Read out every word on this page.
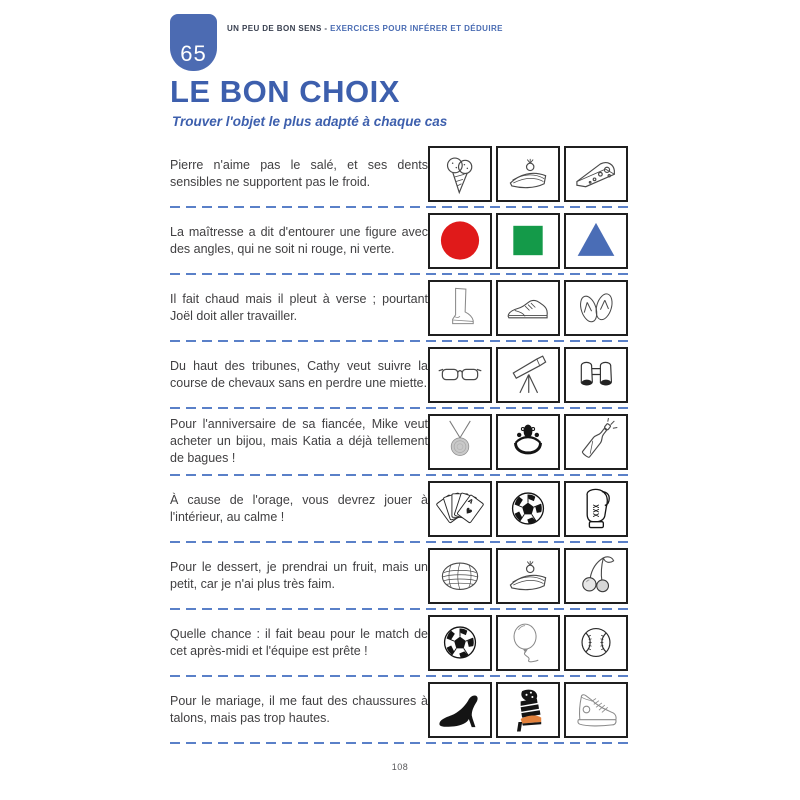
65
UN PEU DE BON SENS - EXERCICES POUR INFÉRER ET DÉDUIRE
LE BON CHOIX
Trouver l'objet le plus adapté à chaque cas
Pierre n'aime pas le salé, et ses dents sensibles ne supportent pas le froid.
La maîtresse a dit d'entourer une figure avec des angles, qui ne soit ni rouge, ni verte.
Il fait chaud mais il pleut à verse ; pourtant Joël doit aller travailler.
Du haut des tribunes, Cathy veut suivre la course de chevaux sans en perdre une miette.
Pour l'anniversaire de sa fiancée, Mike veut acheter un bijou, mais Katia a déjà tellement de bagues !
À cause de l'orage, vous devrez jouer à l'intérieur, au calme !
A
♥
Pour le dessert, je prendrai un fruit, mais un petit, car je n'ai plus très faim.
Quelle chance : il fait beau pour le match de cet après-midi et l'équipe est prête !
Pour le mariage, il me faut des chaussures à talons, mais pas trop hautes.
108
